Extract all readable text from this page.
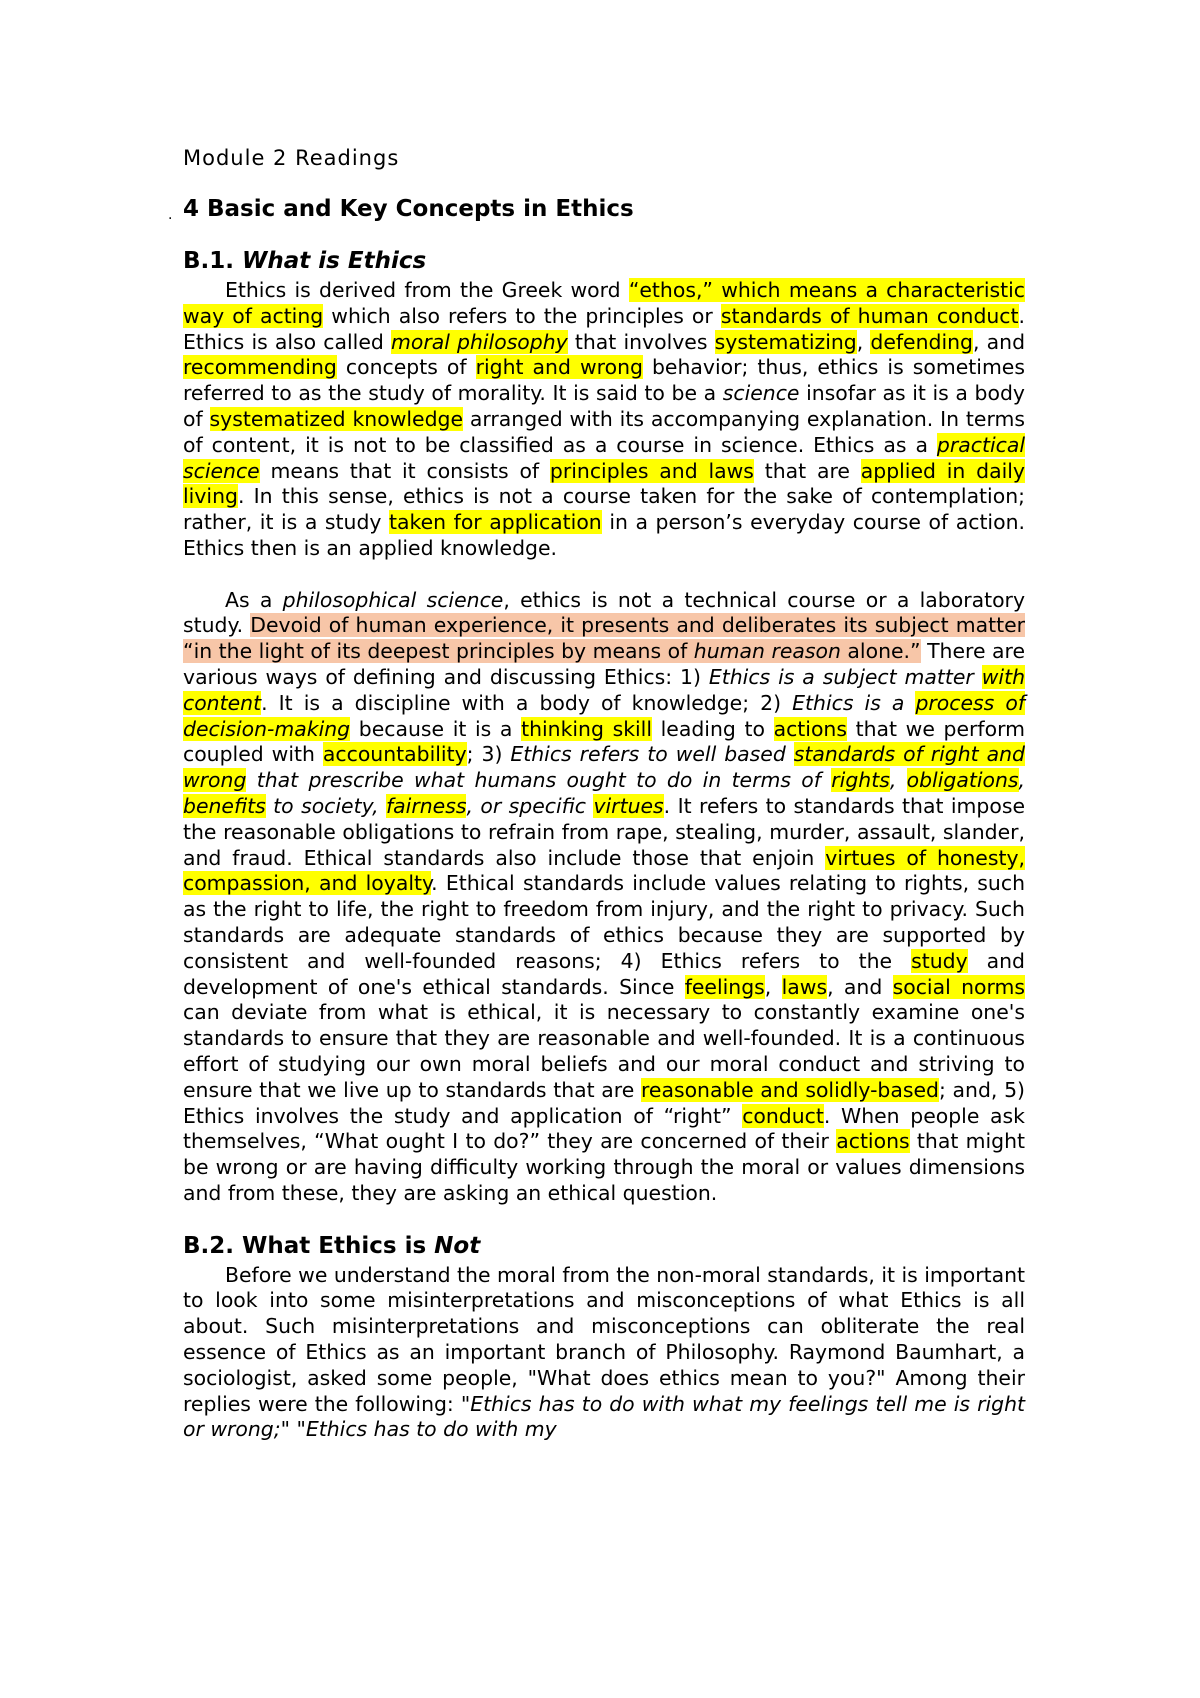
Module 2 Readings

. 4 Basic and Key Concepts in Ethics

B.1. What is Ethics

Ethics is derived from the Greek word “ethos,” which means a characteristic way of acting which also refers to the principles or standards of human conduct. Ethics is also called moral philosophy that involves systematizing, defending, and recommending concepts of right and wrong behavior; thus, ethics is sometimes referred to as the study of morality. It is said to be a science insofar as it is a body of systematized knowledge arranged with its accompanying explanation. In terms of content, it is not to be classified as a course in science. Ethics as a practical science means that it consists of principles and laws that are applied in daily living. In this sense, ethics is not a course taken for the sake of contemplation; rather, it is a study taken for application in a person’s everyday course of action. Ethics then is an applied knowledge.

As a philosophical science, ethics is not a technical course or a laboratory study. Devoid of human experience, it presents and deliberates its subject matter “in the light of its deepest principles by means of human reason alone.” There are various ways of defining and discussing Ethics: 1) Ethics is a subject matter with content. It is a discipline with a body of knowledge; 2) Ethics is a process of decision-making because it is a thinking skill leading to actions that we perform coupled with accountability; 3) Ethics refers to well based standards of right and wrong that prescribe what humans ought to do in terms of rights, obligations, benefits to society, fairness, or specific virtues. It refers to standards that impose the reasonable obligations to refrain from rape, stealing, murder, assault, slander, and fraud. Ethical standards also include those that enjoin virtues of honesty, compassion, and loyalty. Ethical standards include values relating to rights, such as the right to life, the right to freedom from injury, and the right to privacy. Such standards are adequate standards of ethics because they are supported by consistent and well-founded reasons; 4) Ethics refers to the study and development of one's ethical standards. Since feelings, laws, and social norms can deviate from what is ethical, it is necessary to constantly examine one's standards to ensure that they are reasonable and well-founded. It is a continuous effort of studying our own moral beliefs and our moral conduct and striving to ensure that we live up to standards that are reasonable and solidly-based; and, 5) Ethics involves the study and application of “right” conduct. When people ask themselves, “What ought I to do?” they are concerned of their actions that might be wrong or are having difficulty working through the moral or values dimensions and from these, they are asking an ethical question.

B.2. What Ethics is Not

Before we understand the moral from the non-moral standards, it is important to look into some misinterpretations and misconceptions of what Ethics is all about. Such misinterpretations and misconceptions can obliterate the real essence of Ethics as an important branch of Philosophy. Raymond Baumhart, a sociologist, asked some people, "What does ethics mean to you?" Among their replies were the following: "Ethics has to do with what my feelings tell me is right or wrong;" "Ethics has to do with my
